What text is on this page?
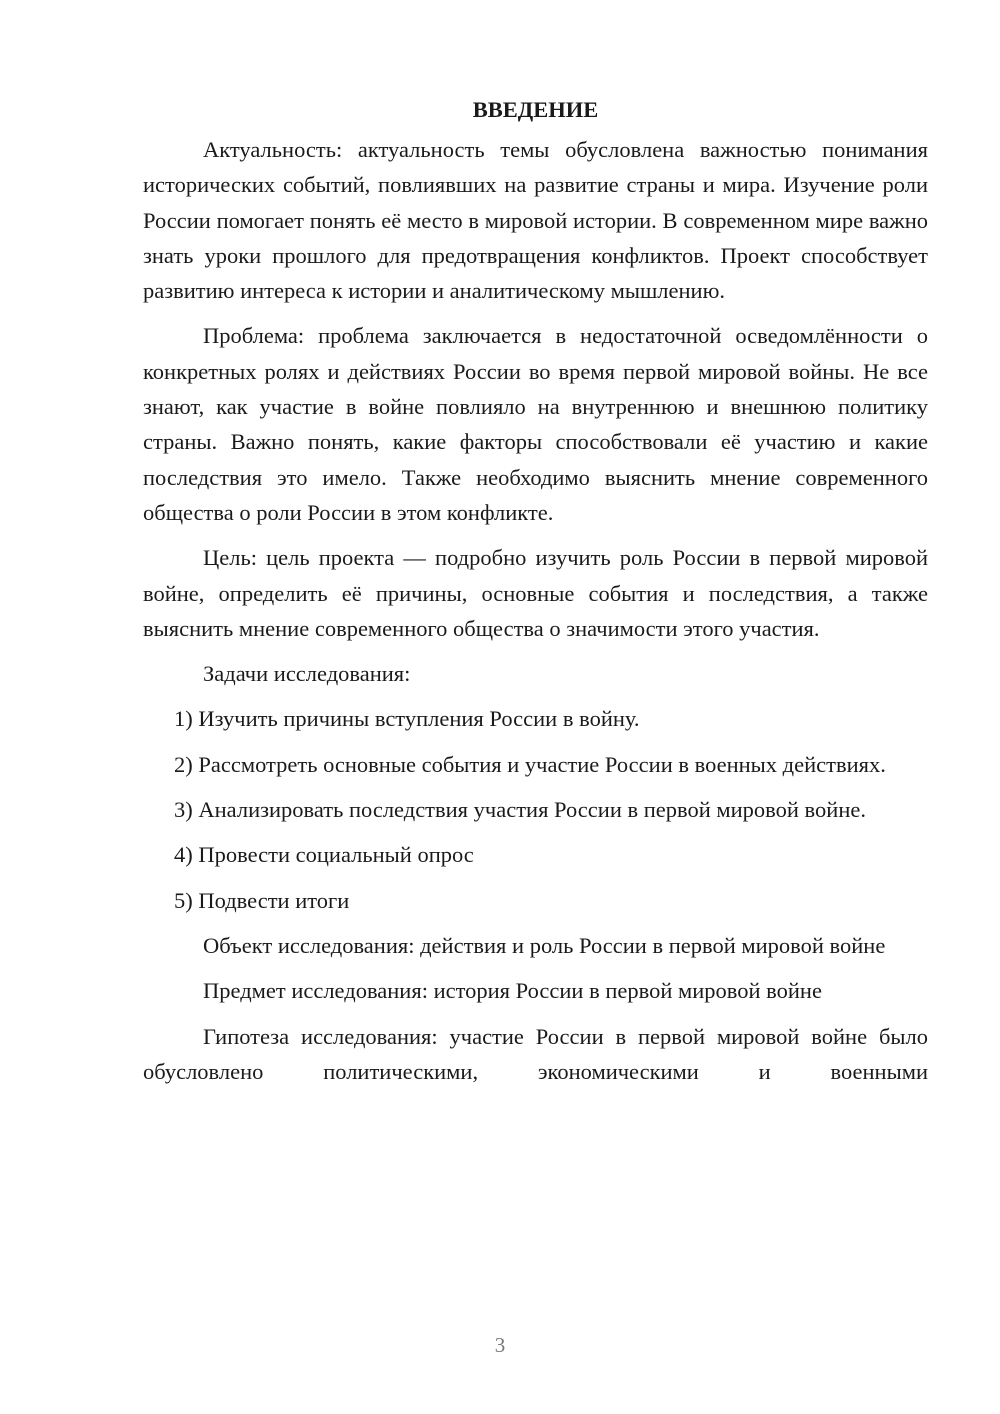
ВВЕДЕНИЕ

Актуальность: актуальность темы обусловлена важностью понимания исторических событий, повлиявших на развитие страны и мира. Изучение роли России помогает понять её место в мировой истории. В современном мире важно знать уроки прошлого для предотвращения конфликтов. Проект способствует развитию интереса к истории и аналитическому мышлению.

Проблема: проблема заключается в недостаточной осведомлённости о конкретных ролях и действиях России во время первой мировой войны. Не все знают, как участие в войне повлияло на внутреннюю и внешнюю политику страны. Важно понять, какие факторы способствовали её участию и какие последствия это имело. Также необходимо выяснить мнение современного общества о роли России в этом конфликте.

Цель: цель проекта — подробно изучить роль России в первой мировой войне, определить её причины, основные события и последствия, а также выяснить мнение современного общества о значимости этого участия.

Задачи исследования:

1) Изучить причины вступления России в войну.

2) Рассмотреть основные события и участие России в военных действиях.

3) Анализировать последствия участия России в первой мировой войне.

4) Провести социальный опрос

5) Подвести итоги

Объект исследования: действия и роль России в первой мировой войне

Предмет исследования: история России в первой мировой войне

Гипотеза исследования: участие России в первой мировой войне было обусловлено политическими, экономическими и военными

3
